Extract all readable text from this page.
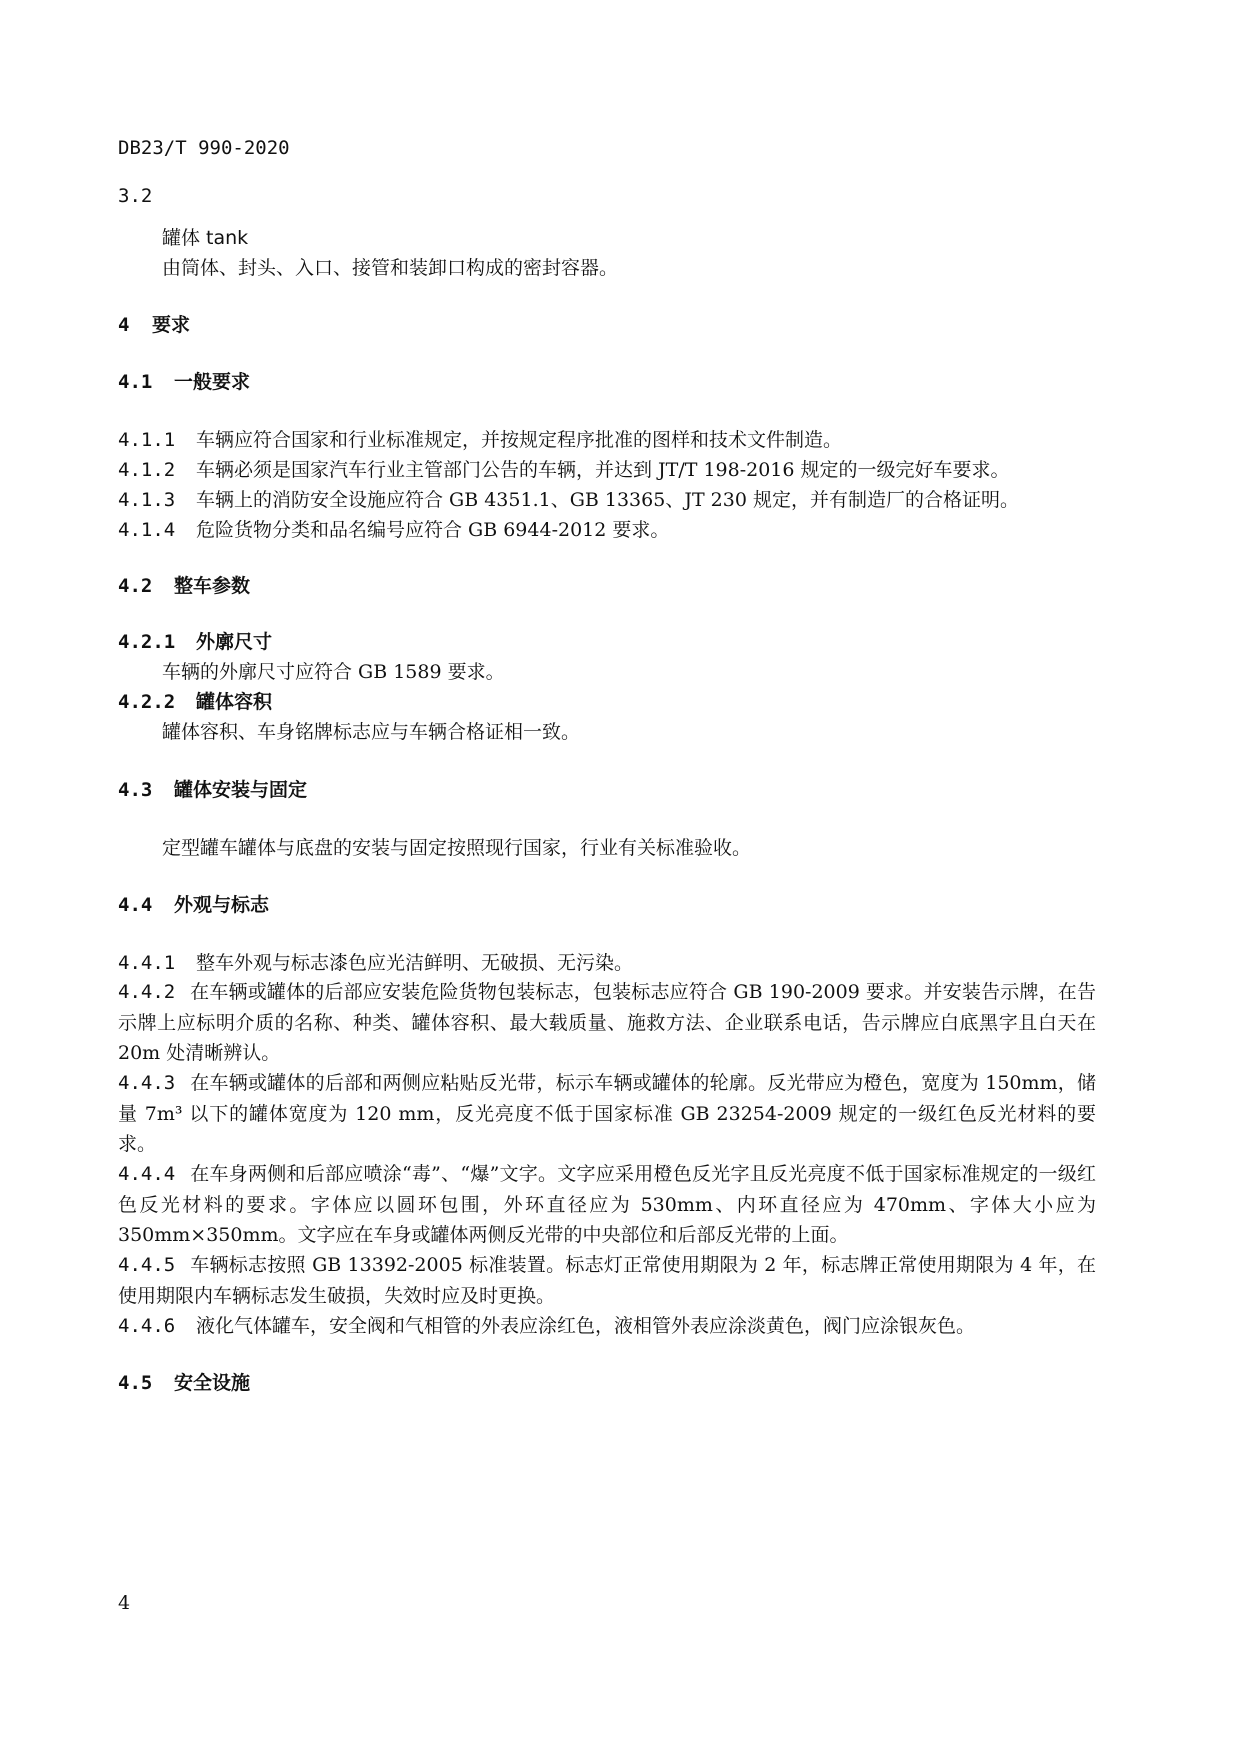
DB23/T 990-2020
3.2
罐体 tank
由筒体、封头、入口、接管和装卸口构成的密封容器。
4 要求
4.1 一般要求
4.1.1 车辆应符合国家和行业标准规定，并按规定程序批准的图样和技术文件制造。
4.1.2 车辆必须是国家汽车行业主管部门公告的车辆，并达到 JT/T 198-2016 规定的一级完好车要求。
4.1.3 车辆上的消防安全设施应符合 GB 4351.1、GB 13365、JT 230 规定，并有制造厂的合格证明。
4.1.4 危险货物分类和品名编号应符合 GB 6944-2012 要求。
4.2 整车参数
4.2.1 外廓尺寸
车辆的外廓尺寸应符合 GB 1589 要求。
4.2.2 罐体容积
罐体容积、车身铭牌标志应与车辆合格证相一致。
4.3 罐体安装与固定
定型罐车罐体与底盘的安装与固定按照现行国家，行业有关标准验收。
4.4 外观与标志
4.4.1 整车外观与标志漆色应光洁鲜明、无破损、无污染。
4.4.2 在车辆或罐体的后部应安装危险货物包装标志，包装标志应符合 GB 190-2009 要求。并安装告示牌，在告示牌上应标明介质的名称、种类、罐体容积、最大载质量、施救方法、企业联系电话，告示牌应白底黑字且白天在 20m 处清晰辨认。
4.4.3 在车辆或罐体的后部和两侧应粘贴反光带，标示车辆或罐体的轮廓。反光带应为橙色，宽度为 150mm，储量 7m³ 以下的罐体宽度为 120 mm，反光亮度不低于国家标准 GB 23254-2009 规定的一级红色反光材料的要求。
4.4.4 在车身两侧和后部应喷涂“毒”、“爆”文字。文字应采用橙色反光字且反光亮度不低于国家标准规定的一级红色反光材料的要求。字体应以圆环包围，外环直径应为 530mm、内环直径应为 470mm、字体大小应为 350mm×350mm。文字应在车身或罐体两侧反光带的中央部位和后部反光带的上面。
4.4.5 车辆标志按照 GB 13392-2005 标准装置。标志灯正常使用期限为 2 年，标志牌正常使用期限为 4 年，在使用期限内车辆标志发生破损，失效时应及时更换。
4.4.6 液化气体罐车，安全阀和气相管的外表应涂红色，液相管外表应涂淡黄色，阀门应涂银灰色。
4.5 安全设施
4
